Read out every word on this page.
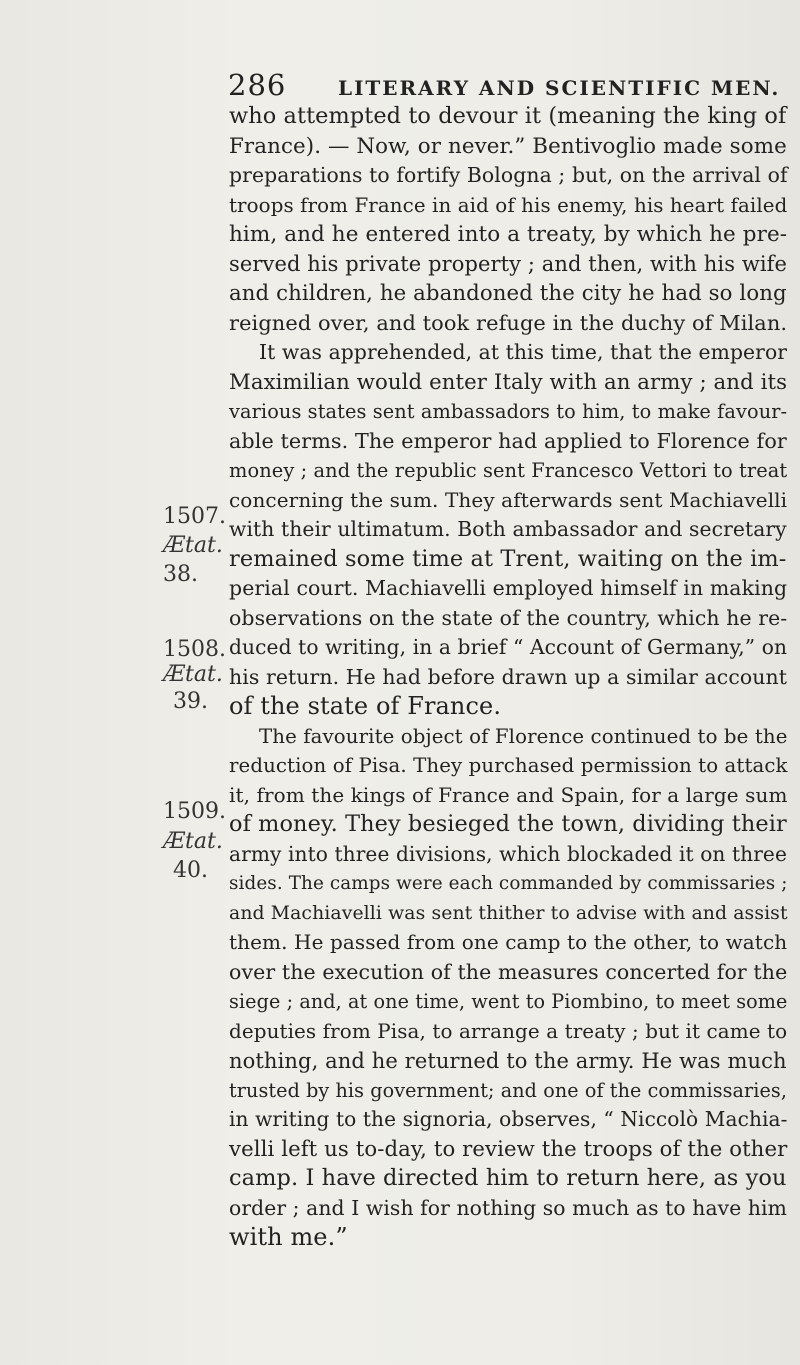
286	LITERARY AND SCIENTIFIC MEN.
1507.
Ætat.
38.
1508.
Ætat.
39.
1509.
Ætat.
40.
who attempted to devour it (meaning the king of
France). — Now, or never.” Bentivoglio made some
preparations to fortify Bologna ; but, on the arrival of
troops from France in aid of his enemy, his heart failed
him, and he entered into a treaty, by which he pre-
served his private property ; and then, with his wife
and children, he abandoned the city he had so long
reigned over, and took refuge in the duchy of Milan.
It was apprehended, at this time, that the emperor
Maximilian would enter Italy with an army ; and its
various states sent ambassadors to him, to make favour-
able terms. The emperor had applied to Florence for
money ; and the republic sent Francesco Vettori to treat
concerning the sum. They afterwards sent Machiavelli
with their ultimatum. Both ambassador and secretary
remained some time at Trent, waiting on the im-
perial court. Machiavelli employed himself in making
observations on the state of the country, which he re-
duced to writing, in a brief “ Account of Germany,” on
his return. He had before drawn up a similar account
of the state of France.
The favourite object of Florence continued to be the
reduction of Pisa. They purchased permission to attack
it, from the kings of France and Spain, for a large sum
of money. They besieged the town, dividing their
army into three divisions, which blockaded it on three
sides. The camps were each commanded by commissaries ;
and Machiavelli was sent thither to advise with and assist
them. He passed from one camp to the other, to watch
over the execution of the measures concerted for the
siege ; and, at one time, went to Piombino, to meet some
deputies from Pisa, to arrange a treaty ; but it came to
nothing, and he returned to the army. He was much
trusted by his government; and one of the commissaries,
in writing to the signoria, observes, “ Niccolò Machia-
velli left us to-day, to review the troops of the other
camp. I have directed him to return here, as you
order ; and I wish for nothing so much as to have him
with me.”
